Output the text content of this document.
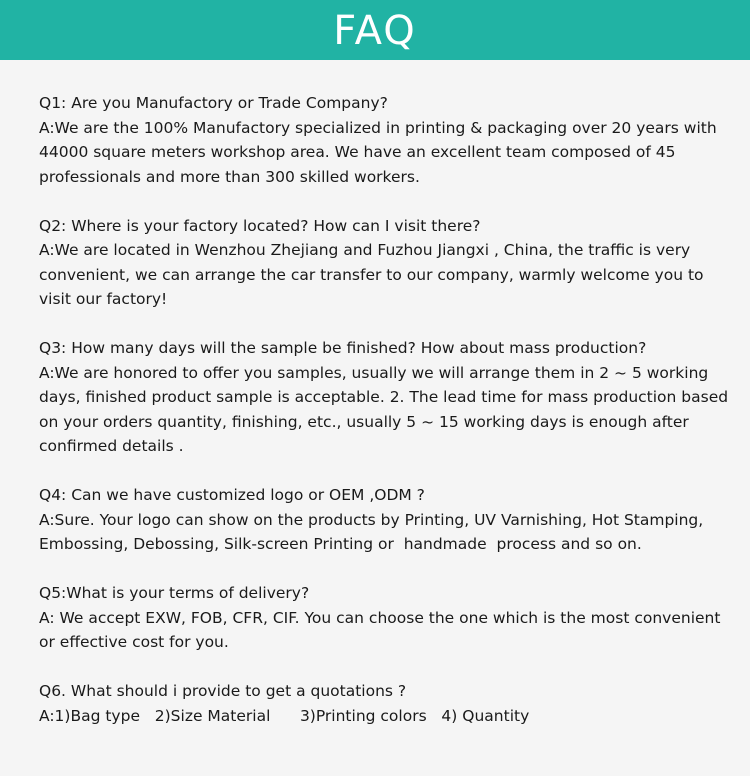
FAQ

Q1: Are you Manufactory or Trade Company?

A:We are the 100% Manufactory specialized in printing & packaging over 20 years with 44000 square meters workshop area. We have an excellent team composed of 45 professionals and more than 300 skilled workers.

Q2: Where is your factory located? How can I visit there?

A:We are located in Wenzhou Zhejiang and Fuzhou Jiangxi , China, the traffic is very convenient, we can arrange the car transfer to our company, warmly welcome you to visit our factory!

Q3: How many days will the sample be finished? How about mass production?

A:We are honored to offer you samples, usually we will arrange them in 2 ~ 5 working days, finished product sample is acceptable. 2. The lead time for mass production based on your orders quantity, finishing, etc., usually 5 ~ 15 working days is enough after confirmed details .

Q4: Can we have customized logo or OEM ,ODM ?

A:Sure. Your logo can show on the products by Printing, UV Varnishing, Hot Stamping, Embossing, Debossing, Silk-screen Printing or  handmade  process and so on.

Q5:What is your terms of delivery?

A: We accept EXW, FOB, CFR, CIF. You can choose the one which is the most convenient or effective cost for you.

Q6. What should i provide to get a quotations ?

A:1)Bag type   2)Size Material      3)Printing colors   4) Quantity
